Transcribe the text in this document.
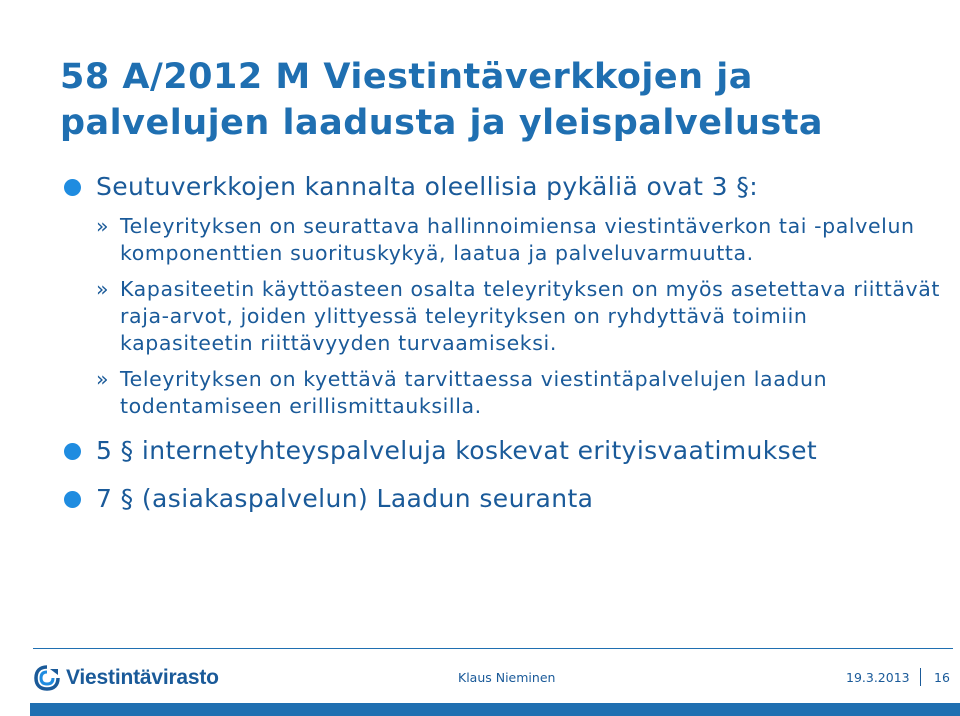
58 A/2012 M Viestintäverkkojen ja palvelujen laadusta ja yleispalvelusta
Seutuverkkojen kannalta oleellisia pykäliä ovat 3 §:
» Teleyrityksen on seurattava hallinnoimiensa viestintäverkon tai -palvelun komponenttien suorituskykyä, laatua ja palveluvarmuutta.
» Kapasiteetin käyttöasteen osalta teleyrityksen on myös asetettava riittävät raja-arvot, joiden ylittyessä teleyrityksen on ryhdyttävä toimiin kapasiteetin riittävyyden turvaamiseksi.
» Teleyrityksen on kyettävä tarvittaessa viestintäpalvelujen laadun todentamiseen erillismittauksilla.
5 § internetyhteyspalveluja koskevat erityisvaatimukset
7 § (asiakaspalvelun) Laadun seuranta
Viestintävirasto	Klaus Nieminen	19.3.2013 16
